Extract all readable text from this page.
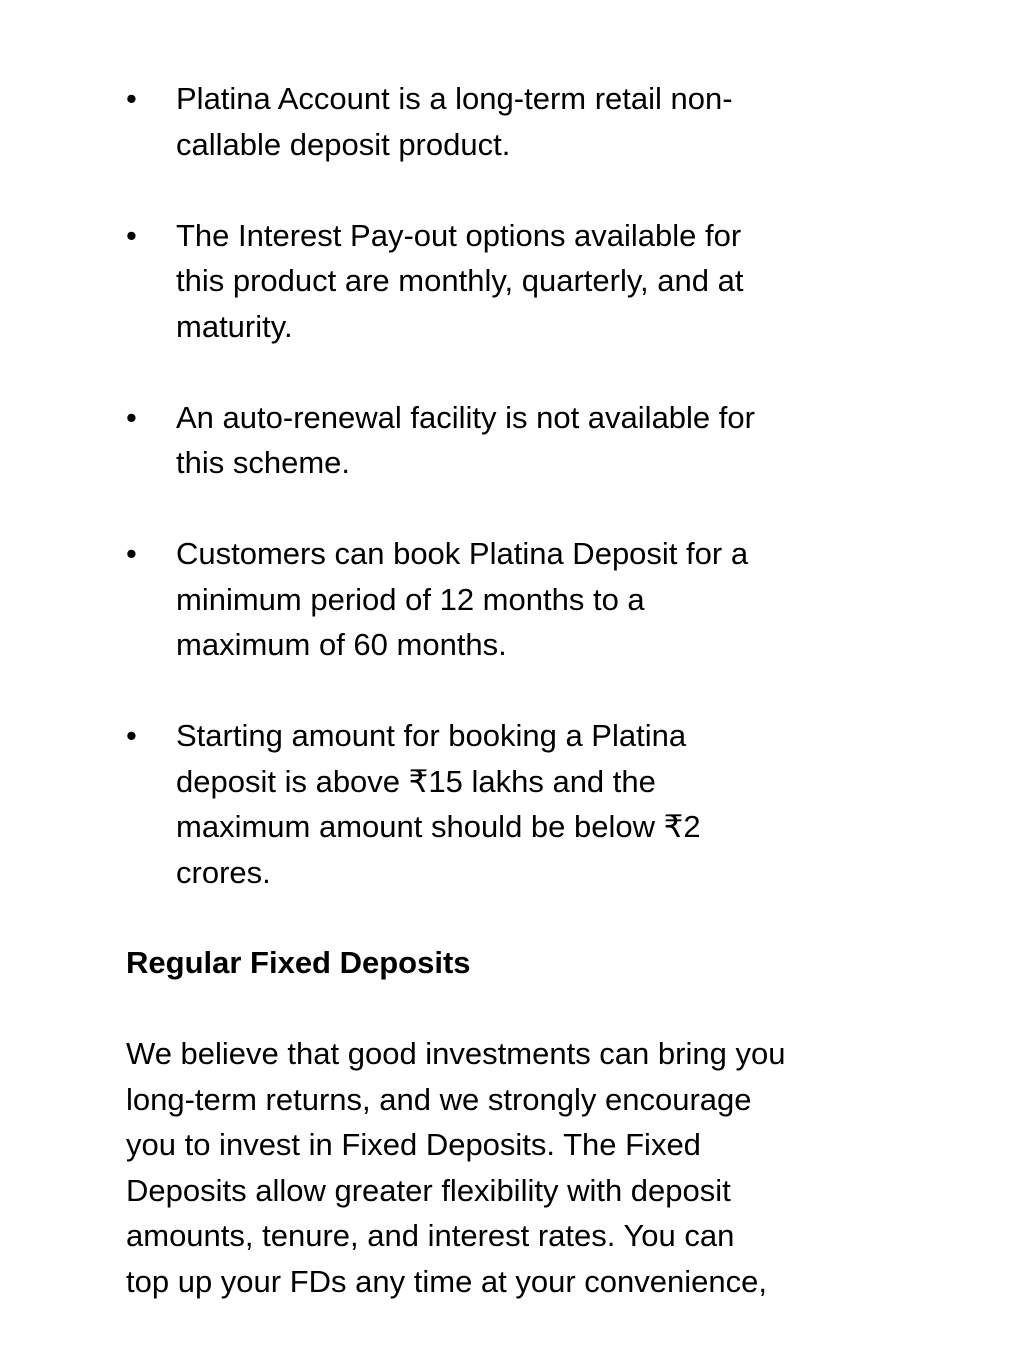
• Platina Account is a long-term retail non-
callable deposit product.
• The Interest Pay-out options available for
this product are monthly, quarterly, and at
maturity.
• An auto-renewal facility is not available for
this scheme.
• Customers can book Platina Deposit for a
minimum period of 12 months to a
maximum of 60 months.
• Starting amount for booking a Platina
deposit is above ₹15 lakhs and the
maximum amount should be below ₹2
crores.
Regular Fixed Deposits

We believe that good investments can bring you
long-term returns, and we strongly encourage
you to invest in Fixed Deposits. The Fixed
Deposits allow greater flexibility with deposit
amounts, tenure, and interest rates. You can
top up your FDs any time at your convenience,
